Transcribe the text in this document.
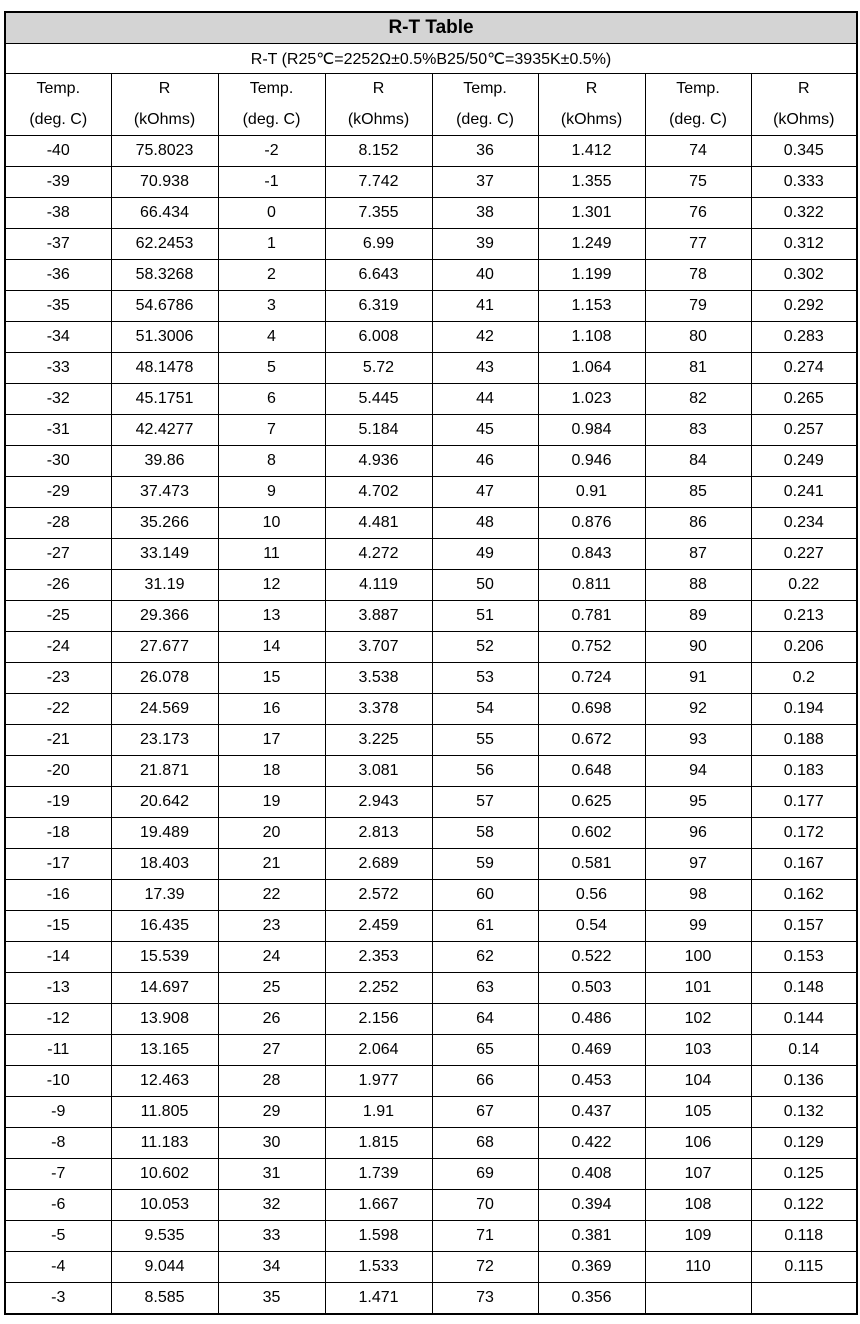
R-T Table							
R-T (R25℃=2252Ω±0.5%B25/50℃=3935K±0.5%)							
Temp.	R	Temp.	R	Temp.	R	Temp.	R
(deg. C)	(kOhms)	(deg. C)	(kOhms)	(deg. C)	(kOhms)	(deg. C)	(kOhms)
-40	75.8023	-2	8.152	36	1.412	74	0.345
-39	70.938	-1	7.742	37	1.355	75	0.333
-38	66.434	0	7.355	38	1.301	76	0.322
-37	62.2453	1	6.99	39	1.249	77	0.312
-36	58.3268	2	6.643	40	1.199	78	0.302
-35	54.6786	3	6.319	41	1.153	79	0.292
-34	51.3006	4	6.008	42	1.108	80	0.283
-33	48.1478	5	5.72	43	1.064	81	0.274
-32	45.1751	6	5.445	44	1.023	82	0.265
-31	42.4277	7	5.184	45	0.984	83	0.257
-30	39.86	8	4.936	46	0.946	84	0.249
-29	37.473	9	4.702	47	0.91	85	0.241
-28	35.266	10	4.481	48	0.876	86	0.234
-27	33.149	11	4.272	49	0.843	87	0.227
-26	31.19	12	4.119	50	0.811	88	0.22
-25	29.366	13	3.887	51	0.781	89	0.213
-24	27.677	14	3.707	52	0.752	90	0.206
-23	26.078	15	3.538	53	0.724	91	0.2
-22	24.569	16	3.378	54	0.698	92	0.194
-21	23.173	17	3.225	55	0.672	93	0.188
-20	21.871	18	3.081	56	0.648	94	0.183
-19	20.642	19	2.943	57	0.625	95	0.177
-18	19.489	20	2.813	58	0.602	96	0.172
-17	18.403	21	2.689	59	0.581	97	0.167
-16	17.39	22	2.572	60	0.56	98	0.162
-15	16.435	23	2.459	61	0.54	99	0.157
-14	15.539	24	2.353	62	0.522	100	0.153
-13	14.697	25	2.252	63	0.503	101	0.148
-12	13.908	26	2.156	64	0.486	102	0.144
-11	13.165	27	2.064	65	0.469	103	0.14
-10	12.463	28	1.977	66	0.453	104	0.136
-9	11.805	29	1.91	67	0.437	105	0.132
-8	11.183	30	1.815	68	0.422	106	0.129
-7	10.602	31	1.739	69	0.408	107	0.125
-6	10.053	32	1.667	70	0.394	108	0.122
-5	9.535	33	1.598	71	0.381	109	0.118
-4	9.044	34	1.533	72	0.369	110	0.115
-3	8.585	35	1.471	73	0.356		
